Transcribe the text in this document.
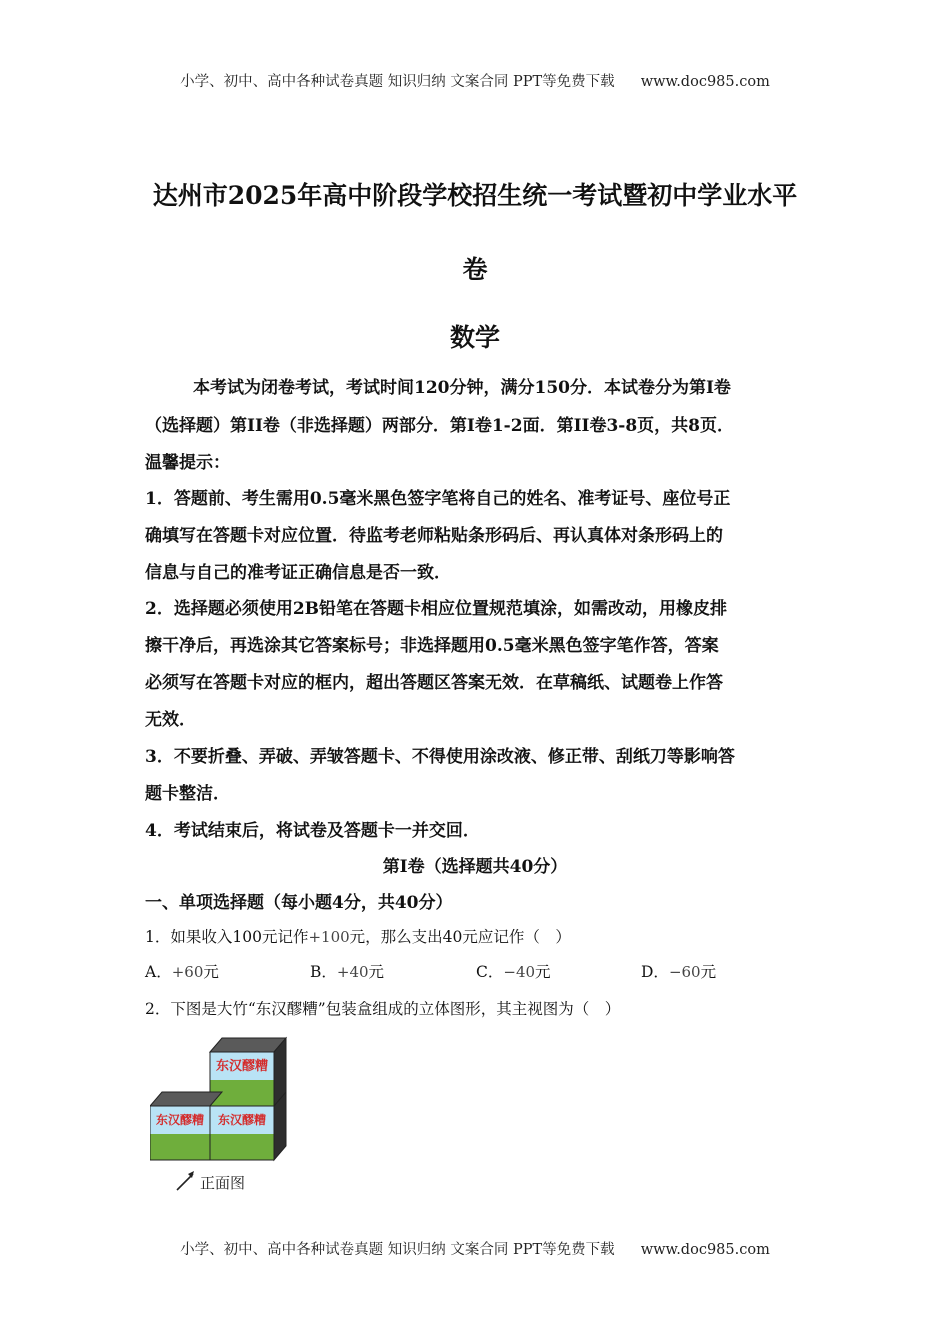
小学、初中、高中各种试卷真题 知识归纳 文案合同 PPT等免费下载 www.doc985.com
达州市2025年高中阶段学校招生统一考试暨初中学业水平
卷
数学
本考试为闭卷考试，考试时间120分钟，满分150分．本试卷分为第I卷
（选择题）第II卷（非选择题）两部分．第I卷1-2面．第II卷3-8页，共8页．
温馨提示：
1．答题前、考生需用0.5毫米黑色签字笔将自己的姓名、准考证号、座位号正
确填写在答题卡对应位置．待监考老师粘贴条形码后、再认真体对条形码上的
信息与自己的准考证正确信息是否一致．
2．选择题必须使用2B铅笔在答题卡相应位置规范填涂，如需改动，用橡皮排
擦干净后，再选涂其它答案标号；非选择题用0.5毫米黑色签字笔作答，答案
必须写在答题卡对应的框内，超出答题区答案无效．在草稿纸、试题卷上作答
无效．
3．不要折叠、弄破、弄皱答题卡、不得使用涂改液、修正带、刮纸刀等影响答
题卡整洁．
4．考试结束后，将试卷及答题卡一并交回．
第I卷（选择题共40分）
一、单项选择题（每小题4分，共40分）
1．如果收入100元记作+100元，那么支出40元应记作（　）
A．+60元	B．+40元	C．−40元	D．−60元
2．下图是大竹“东汉醪糟”包装盒组成的立体图形，其主视图为（　）
东汉醪糟
东汉醪糟 东汉醪糟
正面图
小学、初中、高中各种试卷真题 知识归纳 文案合同 PPT等免费下载 www.doc985.com
